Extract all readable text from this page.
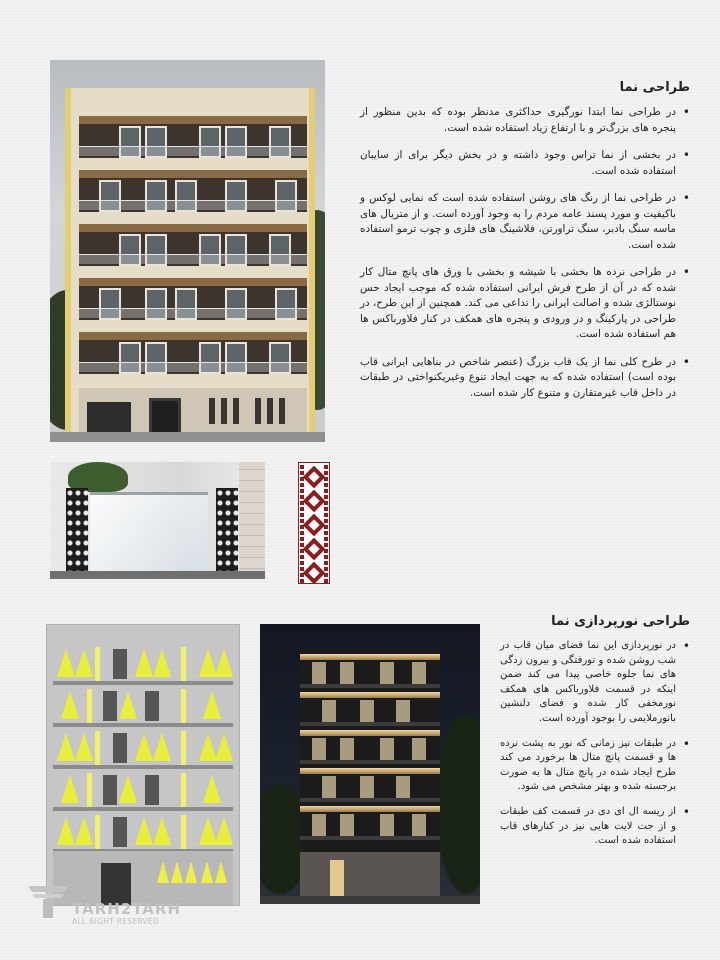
طراحی نما
• در طراحی نما ابتدا نورگیری حداکثری مدنظر بوده که بدین منظور از پنجره های بزرگ‌تر و با ارتفاع زیاد استفاده شده است.
• در بخشی از نما تراس وجود داشته و در بخش دیگر برای از سایبان استفاده شده است.
• در طراحی نما از رنگ های روشن استفاده شده است که نمایی لوکس و باکیفیت و مورد پسند عامه مردم را به وجود آورده است. و از متریال های ماسه سنگ بادبر، سنگ تراورتن، فلاشینگ های فلزی و چوب ترمو استفاده شده است.
• در طراحی نرده ها بخشی با شیشه و بخشی با ورق های پانچ متال کار شده که در آن از طرح فرش ایرانی استفاده شده که موجب ایجاد حس نوستالژی شده و اصالت ایرانی را تداعی می کند. همچنین از این طرح، در طراحی در پارکینگ و در ورودی و پنجره های همکف در کنار فلاورباکس ها هم استفاده شده است.
• در طرح کلی نما از یک قاب بزرگ (عنصر شاخص در بناهایی ایرانی قاب بوده است) استفاده شده که به جهت ایجاد تنوع وغیریکنواختی در طبقات در داخل قاب غیرمتقارن و متنوع کار شده است.
طراحی نورپردازی نما
• در نورپردازی این نما فضای میان قاب در شب روشن شده و تورفتگی و بیرون زدگی های نما جلوه خاصی پیدا می کند ضمن اینکه در قسمت فلاورباکس های همکف نورمخفی کار شده و فضای دلنشین بانورملایمی را بوجود آورده است.
• در طبقات نیز زمانی که نور به پشت نرده ها و قسمت پانچ متال ها برخورد می کند طرح ایجاد شده در پانچ متال ها به صورت برجسته شده و بهتر مشخص می شود.
• از ریسه ال ای دی در قسمت کف طبقات و از جت لایت هایی نیز در کنارهای قاب استفاده شده است.
TARH2TARH
ALL RIGHT RESERVED
©
